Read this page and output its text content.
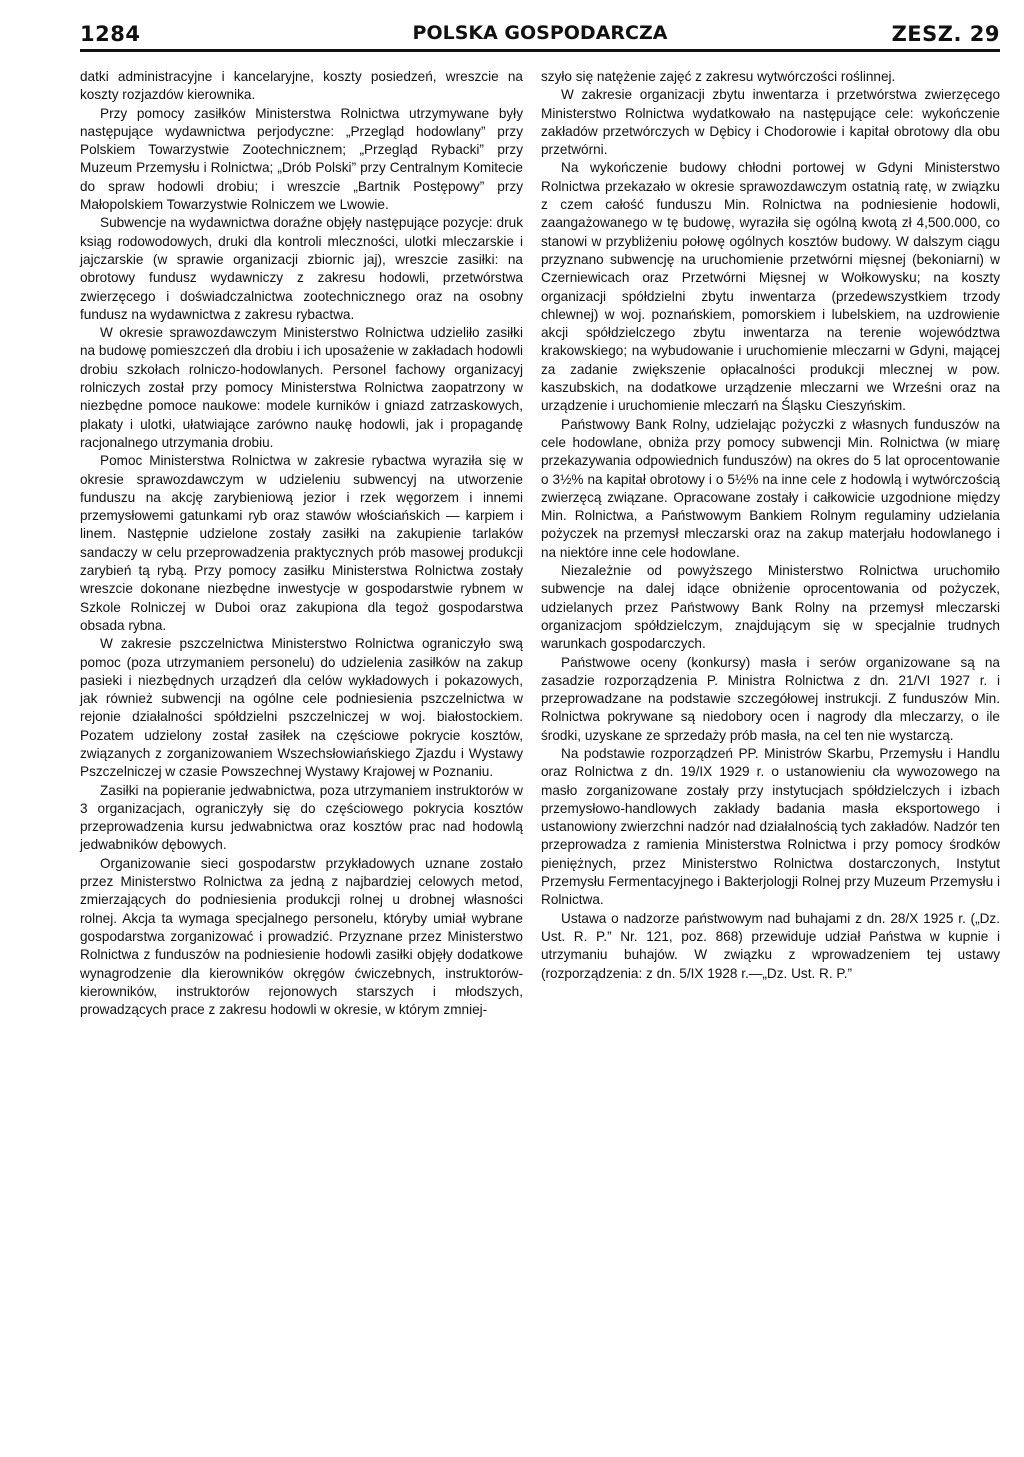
1284	POLSKA GOSPODARCZA	ZESZ. 29

datki administracyjne i kancelaryjne, koszty posiedzeń, wreszcie na koszty rozjazdów kierownika.

Przy pomocy zasiłków Ministerstwa Rolnictwa utrzymywane były następujące wydawnictwa perjodyczne: „Przegląd hodowlany” przy Polskiem Towarzystwie Zootechnicznem; „Przegląd Rybacki” przy Muzeum Przemysłu i Rolnictwa; „Drób Polski” przy Centralnym Komitecie do spraw hodowli drobiu; i wreszcie „Bartnik Postępowy” przy Małopolskiem Towarzystwie Rolniczem we Lwowie.

Subwencje na wydawnictwa doraźne objęły następujące pozycje: druk ksiąg rodowodowych, druki dla kontroli mleczności, ulotki mleczarskie i jajczarskie (w sprawie organizacji zbiornic jaj), wreszcie zasiłki: na obrotowy fundusz wydawniczy z zakresu hodowli, przetwórstwa zwierzęcego i doświadczalnictwa zootechnicznego oraz na osobny fundusz na wydawnictwa z zakresu rybactwa.

W okresie sprawozdawczym Ministerstwo Rolnictwa udzieliło zasiłki na budowę pomieszczeń dla drobiu i ich uposażenie w zakładach hodowli drobiu szkołach rolniczo-hodowlanych. Personel fachowy organizacyj rolniczych został przy pomocy Ministerstwa Rolnictwa zaopatrzony w niezbędne pomoce naukowe: modele kurników i gniazd zatrzaskowych, plakaty i ulotki, ułatwiające zarówno naukę hodowli, jak i propagandę racjonalnego utrzymania drobiu.

Pomoc Ministerstwa Rolnictwa w zakresie rybactwa wyraziła się w okresie sprawozdawczym w udzieleniu subwencyj na utworzenie funduszu na akcję zarybieniową jezior i rzek węgorzem i innemi przemysłowemi gatunkami ryb oraz stawów włościańskich — karpiem i linem. Następnie udzielone zostały zasiłki na zakupienie tarlaków sandaczy w celu przeprowadzenia praktycznych prób masowej produkcji zarybień tą rybą. Przy pomocy zasiłku Ministerstwa Rolnictwa zostały wreszcie dokonane niezbędne inwestycje w gospodarstwie rybnem w Szkole Rolniczej w Duboi oraz zakupiona dla tegoż gospodarstwa obsada rybna.

W zakresie pszczelnictwa Ministerstwo Rolnictwa ograniczyło swą pomoc (poza utrzymaniem personelu) do udzielenia zasiłków na zakup pasieki i niezbędnych urządzeń dla celów wykładowych i pokazowych, jak również subwencji na ogólne cele podniesienia pszczelnictwa w rejonie działalności spółdzielni pszczelniczej w woj. białostockiem. Pozatem udzielony został zasiłek na częściowe pokrycie kosztów, związanych z zorganizowaniem Wszechsłowiańskiego Zjazdu i Wystawy Pszczelniczej w czasie Powszechnej Wystawy Krajowej w Poznaniu.

Zasiłki na popieranie jedwabnictwa, poza utrzymaniem instruktorów w 3 organizacjach, ograniczyły się do częściowego pokrycia kosztów przeprowadzenia kursu jedwabnictwa oraz kosztów prac nad hodowlą jedwabników dębowych.

Organizowanie sieci gospodarstw przykładowych uznane zostało przez Ministerstwo Rolnictwa za jedną z najbardziej celowych metod, zmierzających do podniesienia produkcji rolnej u drobnej własności rolnej. Akcja ta wymaga specjalnego personelu, któryby umiał wybrane gospodarstwa zorganizować i prowadzić. Przyznane przez Ministerstwo Rolnictwa z funduszów na podniesienie hodowli zasiłki objęły dodatkowe wynagrodzenie dla kierowników okręgów ćwiczebnych, instruktorów-kierowników, instruktorów rejonowych starszych i młodszych, prowadzących prace z zakresu hodowli w okresie, w którym zmniej-

szyło się natężenie zajęć z zakresu wytwórczości roślinnej.

W zakresie organizacji zbytu inwentarza i przetwórstwa zwierzęcego Ministerstwo Rolnictwa wydatkowało na następujące cele: wykończenie zakładów przetwórczych w Dębicy i Chodorowie i kapitał obrotowy dla obu przetwórni.

Na wykończenie budowy chłodni portowej w Gdyni Ministerstwo Rolnictwa przekazało w okresie sprawozdawczym ostatnią ratę, w związku z czem całość funduszu Min. Rolnictwa na podniesienie hodowli, zaangażowanego w tę budowę, wyraziła się ogólną kwotą zł 4,500.000, co stanowi w przybliżeniu połowę ogólnych kosztów budowy. W dalszym ciągu przyznano subwencję na uruchomienie przetwórni mięsnej (bekoniarni) w Czerniewicach oraz Przetwórni Mięsnej w Wołkowysku; na koszty organizacji spółdzielni zbytu inwentarza (przedewszystkiem trzody chlewnej) w woj. poznańskiem, pomorskiem i lubelskiem, na uzdrowienie akcji spółdzielczego zbytu inwentarza na terenie województwa krakowskiego; na wybudowanie i uruchomienie mleczarni w Gdyni, mającej za zadanie zwiększenie opłacalności produkcji mlecznej w pow. kaszubskich, na dodatkowe urządzenie mleczarni we Wrześni oraz na urządzenie i uruchomienie mleczarń na Śląsku Cieszyńskim.

Państwowy Bank Rolny, udzielając pożyczki z własnych funduszów na cele hodowlane, obniża przy pomocy subwencji Min. Rolnictwa (w miarę przekazywania odpowiednich funduszów) na okres do 5 lat oprocentowanie o 3½% na kapitał obrotowy i o 5½% na inne cele z hodowlą i wytwórczością zwierzęcą związane. Opracowane zostały i całkowicie uzgodnione między Min. Rolnictwa, a Państwowym Bankiem Rolnym regulaminy udzielania pożyczek na przemysł mleczarski oraz na zakup materjału hodowlanego i na niektóre inne cele hodowlane.

Niezależnie od powyższego Ministerstwo Rolnictwa uruchomiło subwencje na dalej idące obniżenie oprocentowania od pożyczek, udzielanych przez Państwowy Bank Rolny na przemysł mleczarski organizacjom spółdzielczym, znajdującym się w specjalnie trudnych warunkach gospodarczych.

Państwowe oceny (konkursy) masła i serów organizowane są na zasadzie rozporządzenia P. Ministra Rolnictwa z dn. 21/VI 1927 r. i przeprowadzane na podstawie szczegółowej instrukcji. Z funduszów Min. Rolnictwa pokrywane są niedobory ocen i nagrody dla mleczarzy, o ile środki, uzyskane ze sprzedaży prób masła, na cel ten nie wystarczą.

Na podstawie rozporządzeń PP. Ministrów Skarbu, Przemysłu i Handlu oraz Rolnictwa z dn. 19/IX 1929 r. o ustanowieniu cła wywozowego na masło zorganizowane zostały przy instytucjach spółdzielczych i izbach przemysłowo-handlowych zakłady badania masła eksportowego i ustanowiony zwierzchni nadzór nad działalnością tych zakładów. Nadzór ten przeprowadza z ramienia Ministerstwa Rolnictwa i przy pomocy środków pieniężnych, przez Ministerstwo Rolnictwa dostarczonych, Instytut Przemysłu Fermentacyjnego i Bakterjologji Rolnej przy Muzeum Przemysłu i Rolnictwa.

Ustawa o nadzorze państwowym nad buhajami z dn. 28/X 1925 r. („Dz. Ust. R. P.” Nr. 121, poz. 868) przewiduje udział Państwa w kupnie i utrzymaniu buhajów. W związku z wprowadzeniem tej ustawy (rozporządzenia: z dn. 5/IX 1928 r.—„Dz. Ust. R. P.”
